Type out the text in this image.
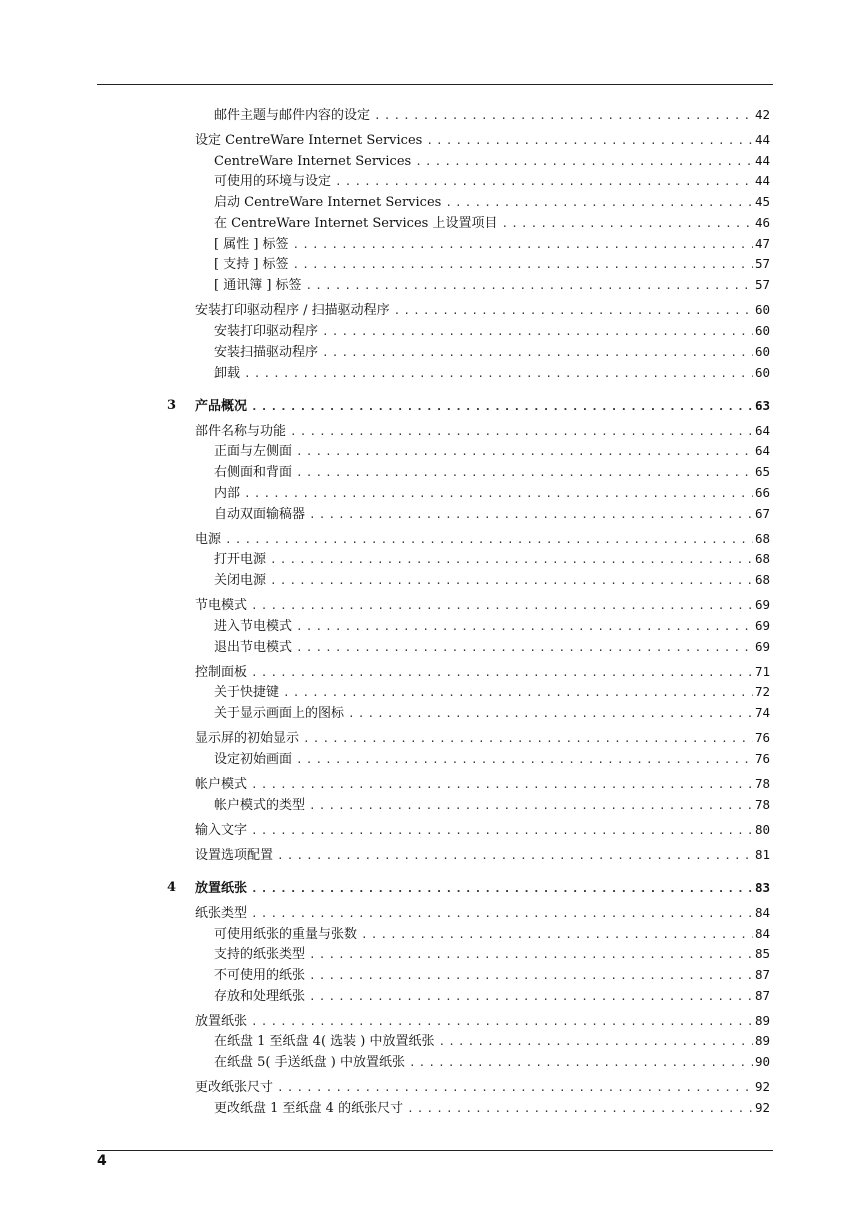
邮件主题与邮件内容的设定 .....	42
设定 CentreWare Internet Services .....	44
CentreWare Internet Services .....	44
可使用的环境与设定 .....	44
启动 CentreWare Internet Services .....	45
在 CentreWare Internet Services 上设置项目 .....	46
[ 属性 ] 标签 .....	47
[ 支持 ] 标签 .....	57
[ 通讯簿 ] 标签 .....	57
安装打印驱动程序 / 扫描驱动程序 .....	60
安装打印驱动程序 .....	60
安装扫描驱动程序 .....	60
卸载 .....	60
3 产品概况 .....	63
部件名称与功能 .....	64
正面与左侧面 .....	64
右侧面和背面 .....	65
内部 .....	66
自动双面输稿器 .....	67
电源 .....	68
打开电源 .....	68
关闭电源 .....	68
节电模式 .....	69
进入节电模式 .....	69
退出节电模式 .....	69
控制面板 .....	71
关于快捷键 .....	72
关于显示画面上的图标 .....	74
显示屏的初始显示 .....	76
设定初始画面 .....	76
帐户模式 .....	78
帐户模式的类型 .....	78
输入文字 .....	80
设置选项配置 .....	81
4 放置纸张 .....	83
纸张类型 .....	84
可使用纸张的重量与张数 .....	84
支持的纸张类型 .....	85
不可使用的纸张 .....	87
存放和处理纸张 .....	87
放置纸张 .....	89
在纸盘 1 至纸盘 4( 选装 ) 中放置纸张 .....	89
在纸盘 5( 手送纸盘 ) 中放置纸张 .....	90
更改纸张尺寸 .....	92
更改纸盘 1 至纸盘 4 的纸张尺寸 .....	92
4
